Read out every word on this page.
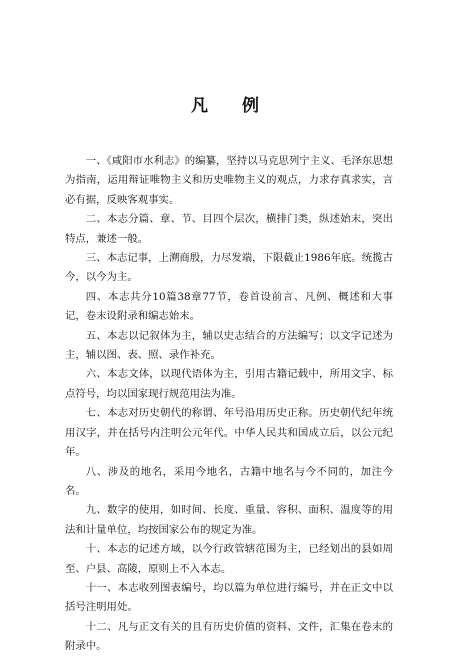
凡 例

一、《咸阳市水利志》的编纂，坚持以马克思列宁主义、毛泽东思想为指南，运用辩证唯物主义和历史唯物主义的观点，力求存真求实，言必有据，反映客观事实。

二、本志分篇、章、节、目四个层次，横排门类，纵述始末，突出特点，兼述一般。

三、本志记事，上溯商殷，力尽发端，下限截止1986年底。统揽古今，以今为主。

四、本志共分10篇38章77节，卷首设前言、凡例、概述和大事记，卷末设附录和编志始末。

五、本志以记叙体为主，辅以史志结合的方法编写；以文字记述为主，辅以图、表、照、录作补充。

六、本志文体，以现代语体为主，引用古籍记载中，所用文字、标点符号，均以国家现行规范用法为准。

七、本志对历史朝代的称谓、年号沿用历史正称。历史朝代纪年统用汉字，并在括号内注明公元年代。中华人民共和国成立后，以公元纪年。

八、涉及的地名，采用今地名，古籍中地名与今不同的，加注今名。

九、数字的使用，如时间、长度、重量、容积、面积、温度等的用法和计量单位，均按国家公布的规定为准。

十、本志的记述方域，以今行政管辖范围为主，已经划出的县如周至、户县、高陵，原则上不入本志。

十一、本志收列图表编号，均以篇为单位进行编号，并在正文中以括号注明用处。

十二、凡与正文有关的且有历史价值的资料、文件，汇集在卷末的附录中。
